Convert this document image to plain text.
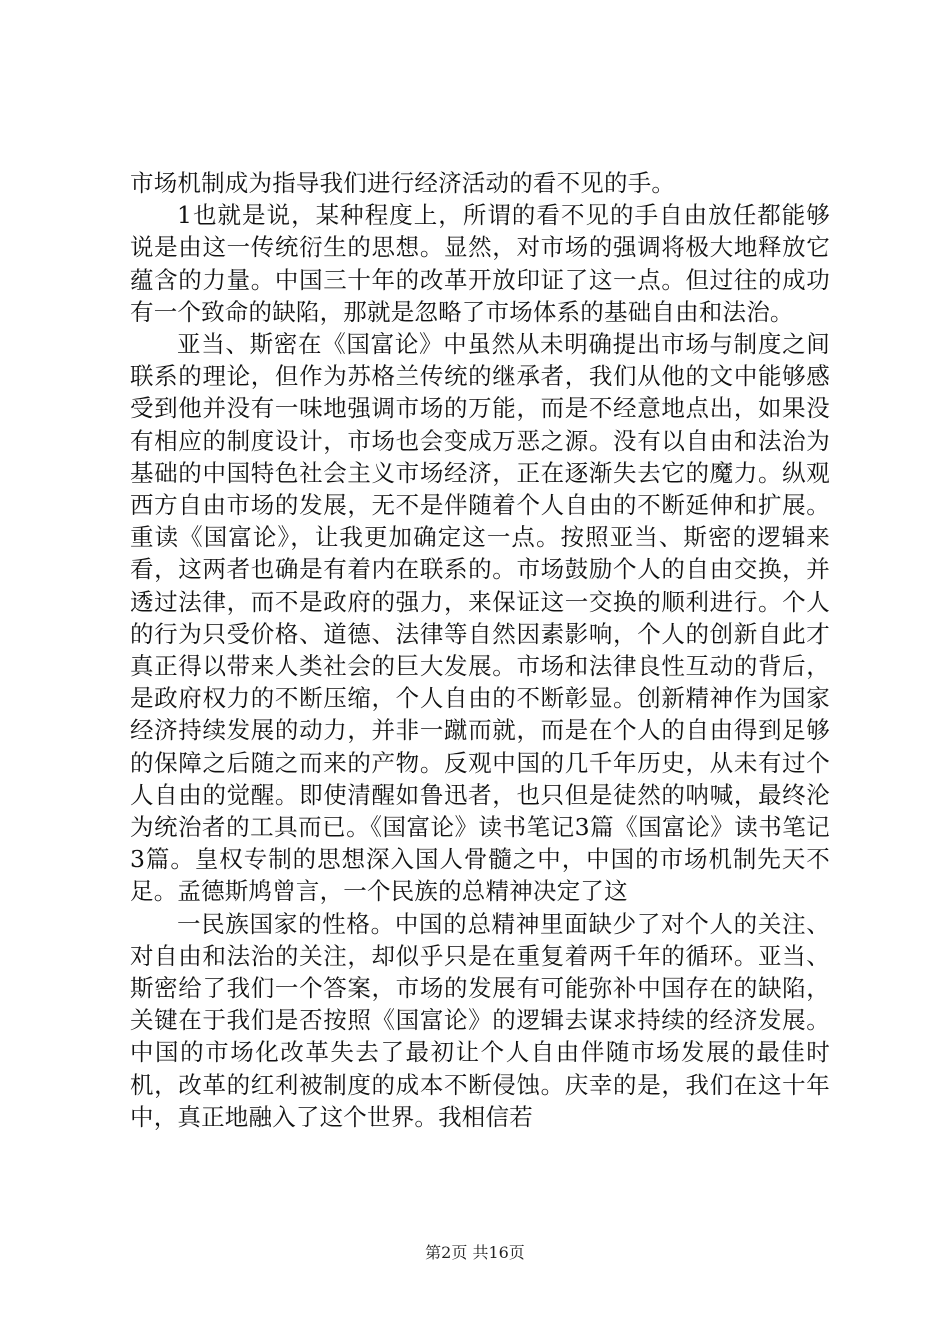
市场机制成为指导我们进行经济活动的看不见的手。

1也就是说，某种程度上，所谓的看不见的手自由放任都能够说是由这一传统衍生的思想。显然，对市场的强调将极大地释放它蕴含的力量。中国三十年的改革开放印证了这一点。但过往的成功有一个致命的缺陷，那就是忽略了市场体系的基础自由和法治。

亚当、斯密在《国富论》中虽然从未明确提出市场与制度之间联系的理论，但作为苏格兰传统的继承者，我们从他的文中能够感受到他并没有一味地强调市场的万能，而是不经意地点出，如果没有相应的制度设计，市场也会变成万恶之源。没有以自由和法治为基础的中国特色社会主义市场经济，正在逐渐失去它的魔力。纵观西方自由市场的发展，无不是伴随着个人自由的不断延伸和扩展。重读《国富论》，让我更加确定这一点。按照亚当、斯密的逻辑来看，这两者也确是有着内在联系的。市场鼓励个人的自由交换，并透过法律，而不是政府的强力，来保证这一交换的顺利进行。个人的行为只受价格、道德、法律等自然因素影响，个人的创新自此才真正得以带来人类社会的巨大发展。市场和法律良性互动的背后，是政府权力的不断压缩，个人自由的不断彰显。创新精神作为国家经济持续发展的动力，并非一蹴而就，而是在个人的自由得到足够的保障之后随之而来的产物。反观中国的几千年历史，从未有过个人自由的觉醒。即使清醒如鲁迅者，也只但是徒然的呐喊，最终沦为统治者的工具而已。《国富论》读书笔记3篇《国富论》读书笔记3篇。皇权专制的思想深入国人骨髓之中，中国的市场机制先天不足。孟德斯鸠曾言，一个民族的总精神决定了这

一民族国家的性格。中国的总精神里面缺少了对个人的关注、对自由和法治的关注，却似乎只是在重复着两千年的循环。亚当、斯密给了我们一个答案，市场的发展有可能弥补中国存在的缺陷，关键在于我们是否按照《国富论》的逻辑去谋求持续的经济发展。中国的市场化改革失去了最初让个人自由伴随市场发展的最佳时机，改革的红利被制度的成本不断侵蚀。庆幸的是，我们在这十年中，真正地融入了这个世界。我相信若

第2页 共16页
